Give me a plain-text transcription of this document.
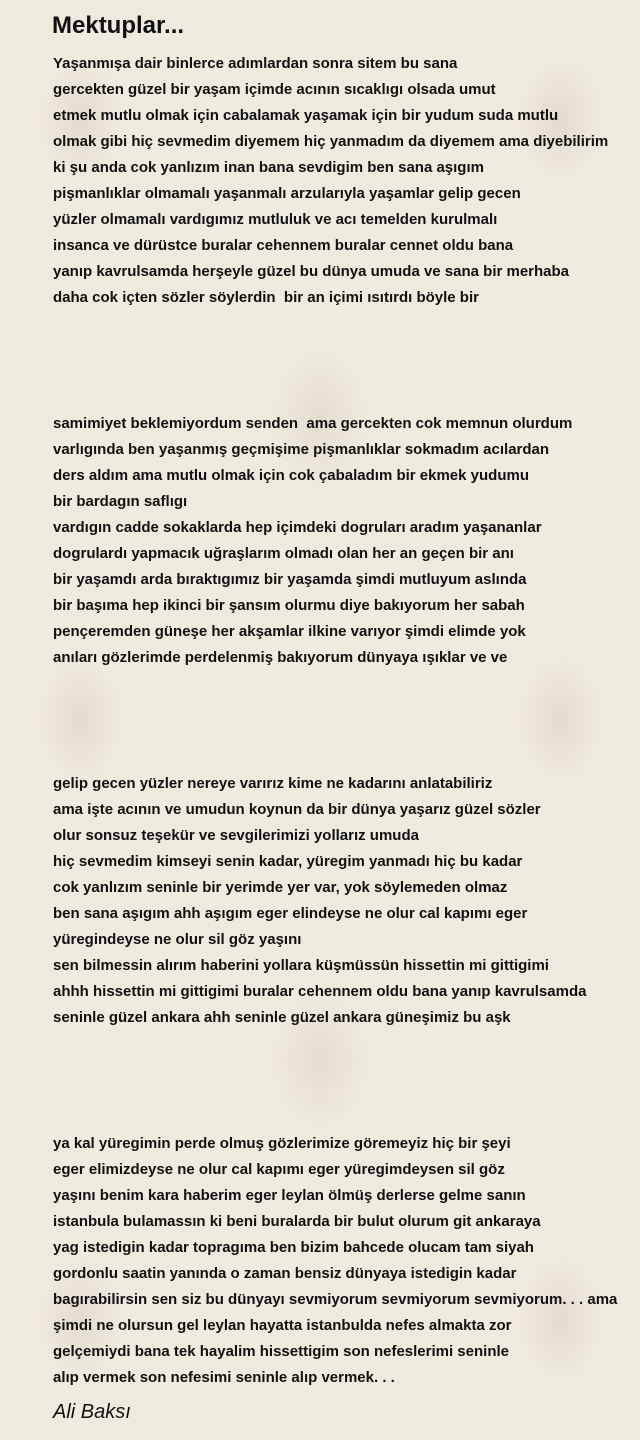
Mektuplar...
Yaşanmışa dair binlerce adımlardan sonra sitem bu sana
gercekten güzel bir yaşam içimde acının sıcaklıgı olsada umut
etmek mutlu olmak için cabalamak yaşamak için bir yudum suda mutlu
olmak gibi hiç sevmedim diyemem hiç yanmadım da diyemem ama diyebilirim
ki şu anda cok yanlızım inan bana sevdigim ben sana aşıgım
pişmanlıklar olmamalı yaşanmalı arzularıyla yaşamlar gelip gecen
yüzler olmamalı vardıgımız mutluluk ve acı temelden kurulmalı
insanca ve dürüstce buralar cehennem buralar cennet oldu bana
yanıp kavrulsamda herşeyle güzel bu dünya umuda ve sana bir merhaba
daha cok içten sözler söylerdin  bir an içimi ısıtırdı böyle bir
samimiyet beklemiyordum senden  ama gercekten cok memnun olurdum
varlıgında ben yaşanmış geçmişime pişmanlıklar sokmadım acılardan
ders aldım ama mutlu olmak için cok çabaladım bir ekmek yudumu
bir bardagın saflıgı
vardıgın cadde sokaklarda hep içimdeki dogruları aradım yaşananlar
dogrulardı yapmacık uğraşlarım olmadı olan her an geçen bir anı
bir yaşamdı arda bıraktıgımız bir yaşamda şimdi mutluyum aslında
bir başıma hep ikinci bir şansım olurmu diye bakıyorum her sabah
pençeremden güneşe her akşamlar ilkine varıyor şimdi elimde yok
anıları gözlerimde perdelenmiş bakıyorum dünyaya ışıklar ve ve
gelip gecen yüzler nereye varırız kime ne kadarını anlatabiliriz
ama işte acının ve umudun koynun da bir dünya yaşarız güzel sözler
olur sonsuz teşekür ve sevgilerimizi yollarız umuda
hiç sevmedim kimseyi senin kadar, yüregim yanmadı hiç bu kadar
cok yanlızım seninle bir yerimde yer var, yok söylemeden olmaz
ben sana aşıgım ahh aşıgım eger elindeyse ne olur cal kapımı eger
yüregindeyse ne olur sil göz yaşını
sen bilmessin alırım haberini yollara küşmüssün hissettin mi gittigimi
ahhh hissettin mi gittigimi buralar cehennem oldu bana yanıp kavrulsamda
seninle güzel ankara ahh seninle güzel ankara güneşimiz bu aşk
ya kal yüregimin perde olmuş gözlerimize göremeyiz hiç bir şeyi
eger elimizdeyse ne olur cal kapımı eger yüregimdeysen sil göz
yaşını benim kara haberim eger leylan ölmüş derlerse gelme sanın
istanbula bulamassın ki beni buralarda bir bulut olurum git ankaraya
yag istedigin kadar topragıma ben bizim bahcede olucam tam siyah
gordonlu saatin yanında o zaman bensiz dünyaya istedigin kadar
bagırabilirsin sen siz bu dünyayı sevmiyorum sevmiyorum sevmiyorum. . . ama
şimdi ne olursun gel leylan hayatta istanbulda nefes almakta zor
gelçemiydi bana tek hayalim hissettigim son nefeslerimi seninle
alıp vermek son nefesimi seninle alıp vermek. . .

Ali Baksı
